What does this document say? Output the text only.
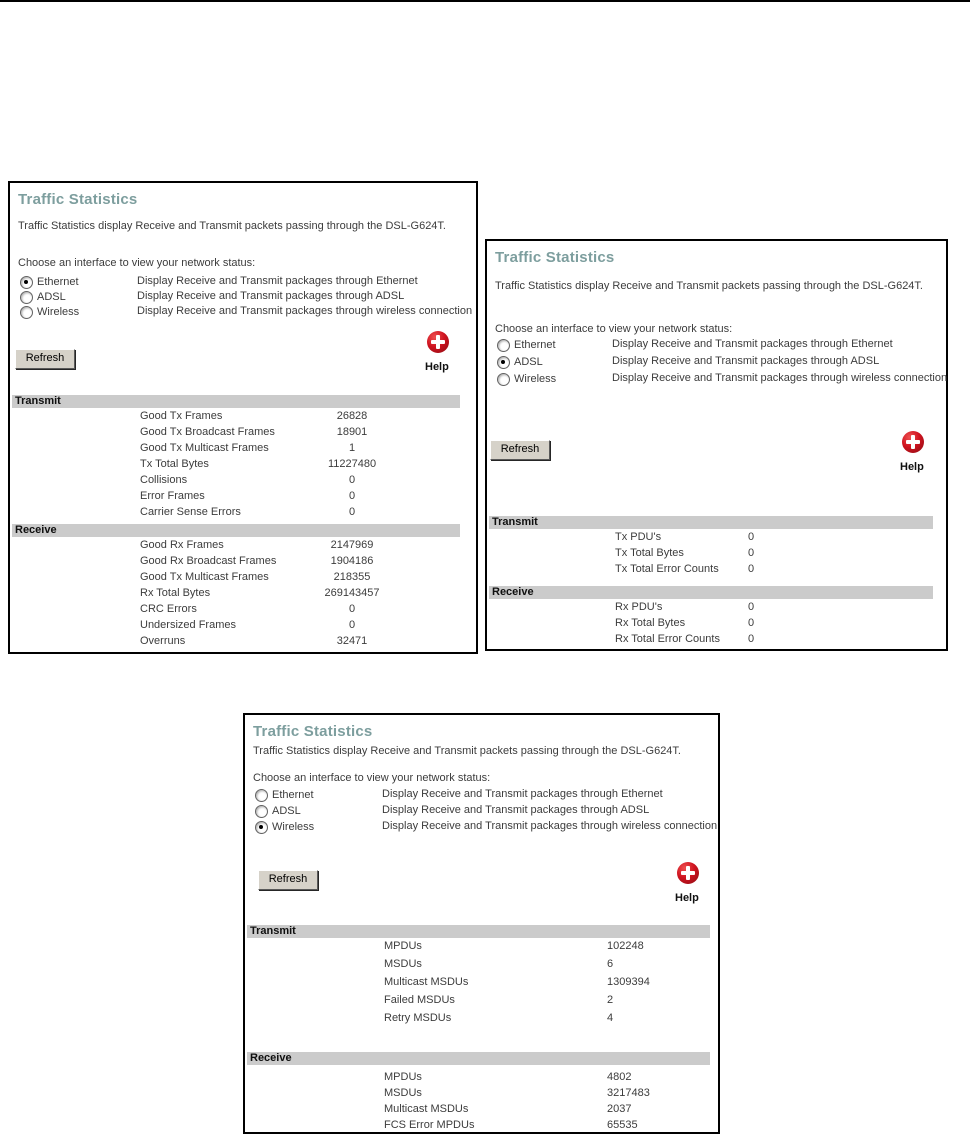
Traffic Statistics
Traffic Statistics display Receive and Transmit packets passing through the DSL-G624T.
Choose an interface to view your network status:
Ethernet	Display Receive and Transmit packages through Ethernet
ADSL	Display Receive and Transmit packages through ADSL
Wireless	Display Receive and Transmit packages through wireless connection
Refresh
Help
Transmit
Good Tx Frames	26828
Good Tx Broadcast Frames	18901
Good Tx Multicast Frames	1
Tx Total Bytes	11227480
Collisions	0
Error Frames	0
Carrier Sense Errors	0
Receive
Good Rx Frames	2147969
Good Rx Broadcast Frames	1904186
Good Tx Multicast Frames	218355
Rx Total Bytes	269143457
CRC Errors	0
Undersized Frames	0
Overruns	32471
Traffic Statistics
Traffic Statistics display Receive and Transmit packets passing through the DSL-G624T.
Choose an interface to view your network status:
Ethernet	Display Receive and Transmit packages through Ethernet
ADSL	Display Receive and Transmit packages through ADSL
Wireless	Display Receive and Transmit packages through wireless connection
Refresh
Help
Transmit
Tx PDU's	0
Tx Total Bytes	0
Tx Total Error Counts	0
Receive
Rx PDU's	0
Rx Total Bytes	0
Rx Total Error Counts	0
Traffic Statistics
Traffic Statistics display Receive and Transmit packets passing through the DSL-G624T.
Choose an interface to view your network status:
Ethernet	Display Receive and Transmit packages through Ethernet
ADSL	Display Receive and Transmit packages through ADSL
Wireless	Display Receive and Transmit packages through wireless connection
Refresh
Help
Transmit
MPDUs	102248
MSDUs	6
Multicast MSDUs	1309394
Failed MSDUs	2
Retry MSDUs	4
Receive
MPDUs	4802
MSDUs	3217483
Multicast MSDUs	2037
FCS Error MPDUs	65535
